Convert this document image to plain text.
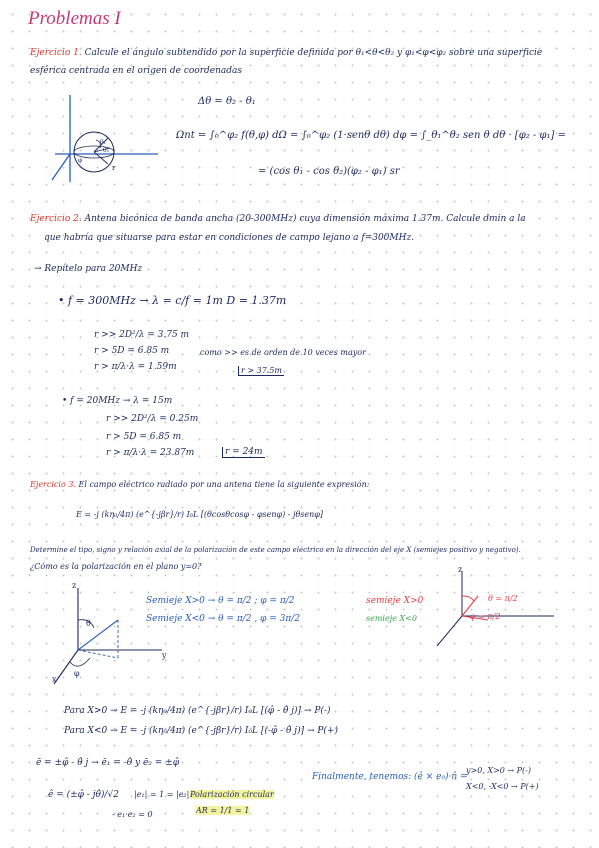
Problemas I
Ejercicio 1. Calcule el ángulo subtendido por la superficie definida por θ₁<θ<θ₂ y φ₁<φ<φ₂ sobre una superficie
esférica centrada en el origen de coordenadas
θ₁
θ₂
φ
r
Δθ = θ₂ - θ₁
Ωnt = ∫₀^φ₂ f(θ,φ) dΩ = ∫₀^φ₂ (1·senθ dθ) dφ = ∫_θ₁^θ₂ sen θ dθ · [φ₂ - φ₁] =
= (cos θ₁ - cos θ₂)(φ₂ - φ₁) sr
Ejercicio 2. Antena bicónica de banda ancha (20-300MHz) cuya dimensión máxima 1.37m. Calcule dmin a la
que habría que situarse para estar en condiciones de campo lejano a f=300MHz.
→ Repítelo para 20MHz
• f = 300MHz → λ = c/f = 1m D = 1.37m
r >> 2D²/λ = 3.75 m
r > 5D = 6.85 m
r > π/λ·λ = 1.59m
como >> es de orden de 10 veces mayor
r > 37.5m
• f = 20MHz → λ = 15m
r >> 2D²/λ = 0.25m
r > 5D = 6.85 m
r > π/λ·λ = 23.87m	r = 24m
Ejercicio 3. El campo eléctrico radiado por una antena tiene la siguiente expresión:
E = -j (kη₀/4π) (e^{-jβr}/r) I₀L [(θcosθcosφ - φsenφ) - jθsenφ]
Determine el tipo, signo y relación axial de la polarización de este campo eléctrico en la dirección del eje X (semiejes positivo y negativo).
¿Cómo es la polarización en el plano y=0?
z
y
x
θ
φ
Semieje X>0 → θ = π/2 ; φ = π/2
Semieje X<0 → θ = π/2 , φ = 3π/2
semieje X>0
semieje X<0
z
θ = π/2
φ = π/2
Para X>0 → E = -j (kη₀/4π) (e^{-jβr}/r) I₀L [(φ̂ - θ̂ j)] → P(-)
Para X<0 → E = -j (kη₀/4π) (e^{-jβr}/r) I₀L [(-φ̂ - θ̂ j)] → P(+)
ē = ±φ̂ - θ̂ j → ē₁ = -θ̂ y ē₂ = ±φ̂
ê = (±φ̂ - jθ̂)/√2 |e₁| = 1 = |e₂|
- e₁·e₂ = 0
Polarización circular
AR = 1/1 = 1
Finalmente, tenemos: (ê × e₀)·n̂ =
y>0, X>0 → P(-)
X<0, -X<0 → P(+)
